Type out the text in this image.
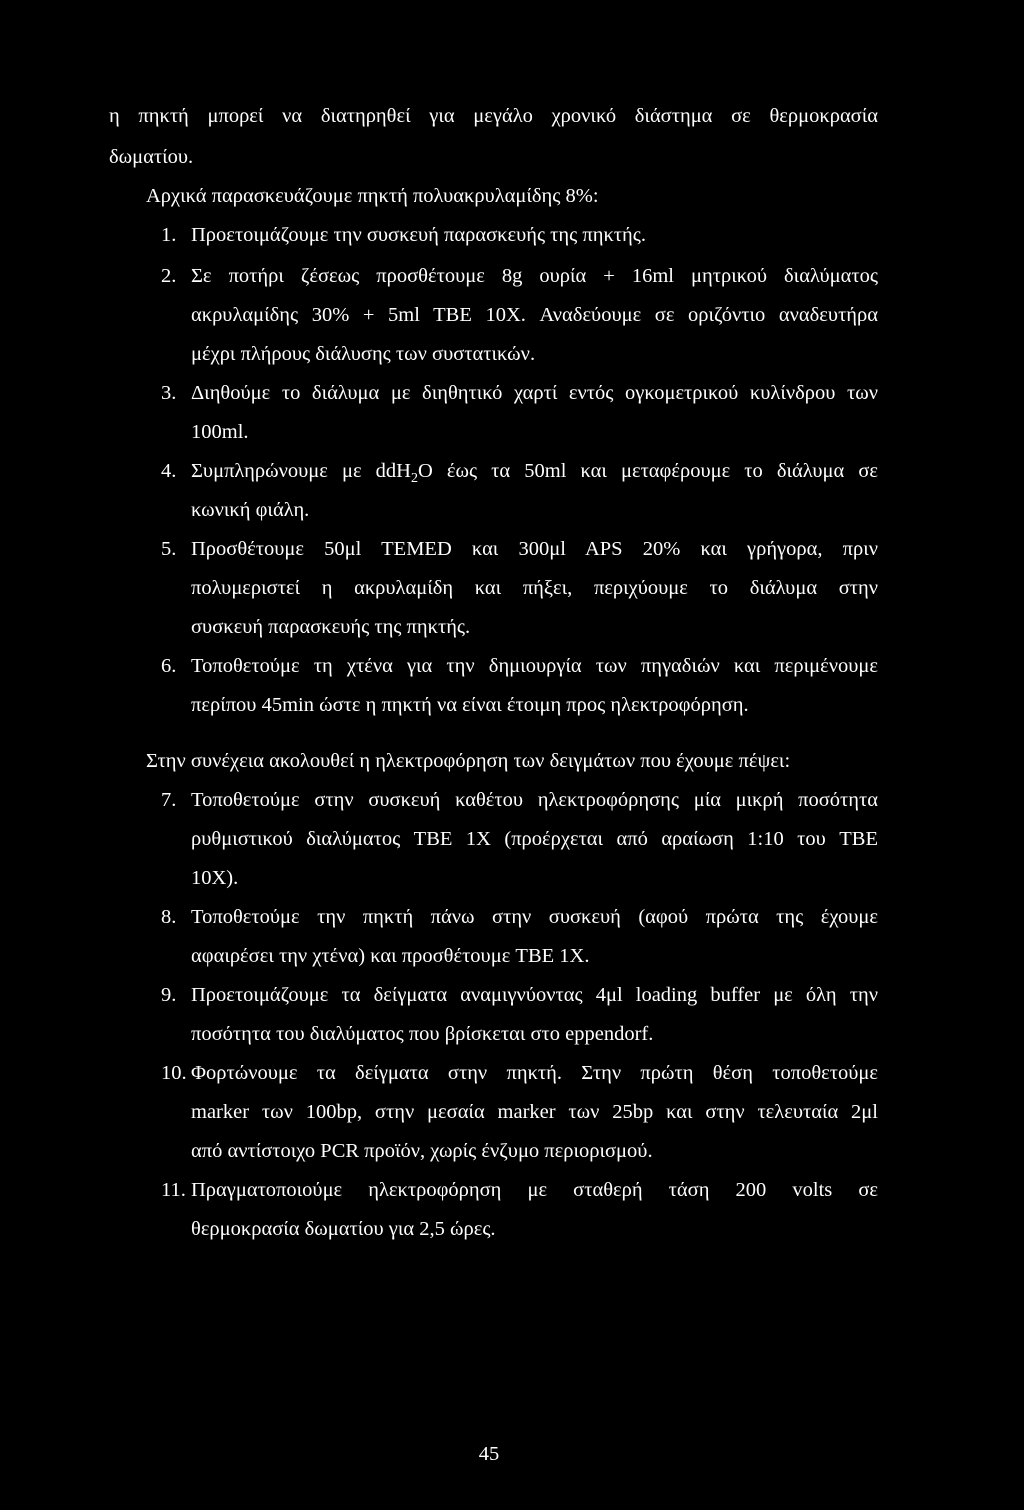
η πηκτή μπορεί να διατηρηθεί για μεγάλο χρονικό διάστημα σε θερμοκρασία
δωματίου.
Αρχικά παρασκευάζουμε πηκτή πολυακρυλαμίδης 8%:
1. Προετοιμάζουμε την συσκευή παρασκευής της πηκτής.
2. Σε ποτήρι ζέσεως προσθέτουμε 8g ουρία + 16ml μητρικού διαλύματος
ακρυλαμίδης 30% + 5ml TBE 10X. Αναδεύουμε σε οριζόντιο αναδευτήρα
μέχρι πλήρους διάλυσης των συστατικών.
3. Διηθούμε το διάλυμα με διηθητικό χαρτί εντός ογκομετρικού κυλίνδρου των
100ml.
4. Συμπληρώνουμε με ddH$_2$O έως τα 50ml και μεταφέρουμε το διάλυμα σε
κωνική φιάλη.
5. Προσθέτουμε 50μl TEMED και 300μl APS 20% και γρήγορα, πριν
πολυμεριστεί η ακρυλαμίδη και πήξει, περιχύουμε το διάλυμα στην
συσκευή παρασκευής της πηκτής.
6. Τοποθετούμε τη χτένα για την δημιουργία των πηγαδιών και περιμένουμε
περίπου 45min ώστε η πηκτή να είναι έτοιμη προς ηλεκτροφόρηση.
Στην συνέχεια ακολουθεί η ηλεκτροφόρηση των δειγμάτων που έχουμε πέψει:
7. Τοποθετούμε στην συσκευή καθέτου ηλεκτροφόρησης μία μικρή ποσότητα
ρυθμιστικού διαλύματος TBE 1X (προέρχεται από αραίωση 1:10 του TBE
10X).
8. Τοποθετούμε την πηκτή πάνω στην συσκευή (αφού πρώτα της έχουμε
αφαιρέσει την χτένα) και προσθέτουμε TBE 1X.
9. Προετοιμάζουμε τα δείγματα αναμιγνύοντας 4μl loading buffer με όλη την
ποσότητα του διαλύματος που βρίσκεται στο eppendorf.
10. Φορτώνουμε τα δείγματα στην πηκτή. Στην πρώτη θέση τοποθετούμε
marker των 100bp, στην μεσαία marker των 25bp και στην τελευταία 2μl
από αντίστοιχο PCR προϊόν, χωρίς ένζυμο περιορισμού.
11. Πραγματοποιούμε ηλεκτροφόρηση με σταθερή τάση 200 volts σε
θερμοκρασία δωματίου για 2,5 ώρες.
45
